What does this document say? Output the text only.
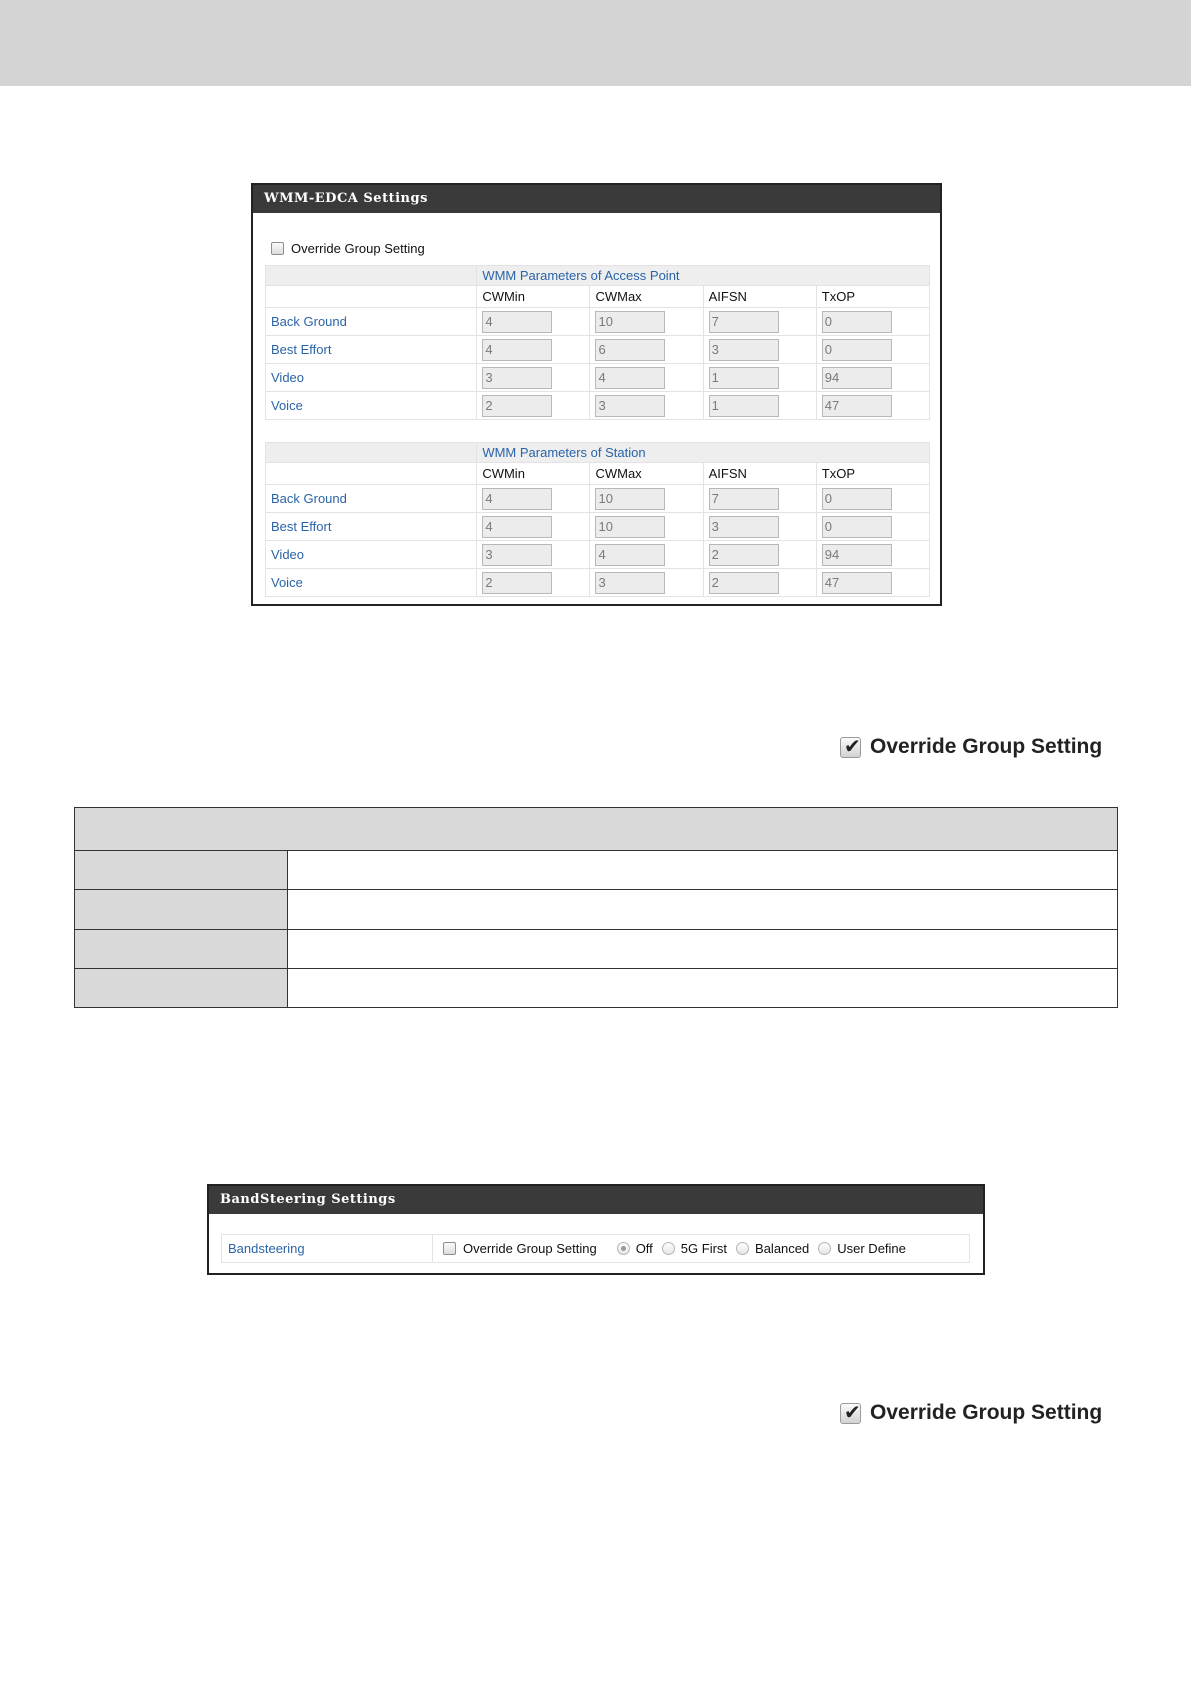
WMM-EDCA Settings
Override Group Setting
	WMM Parameters of Access Point			
	CWMin	CWMax	AIFSN	TxOP
Back Ground	4	10	7	0

Best Effort	4	6	3	0

Video	3	4	1	94

Voice	2	3	1	47
	WMM Parameters of Station			
	CWMin	CWMax	AIFSN	TxOP
Back Ground	4	10	7	0

Best Effort	4	10	3	0

Video	3	4	2	94

Voice	2	3	2	47
✔ Override Group Setting

BandSteering Settings
Bandsteering	Override Group Setting	Off 5G First Balanced User Define
✔ Override Group Setting
